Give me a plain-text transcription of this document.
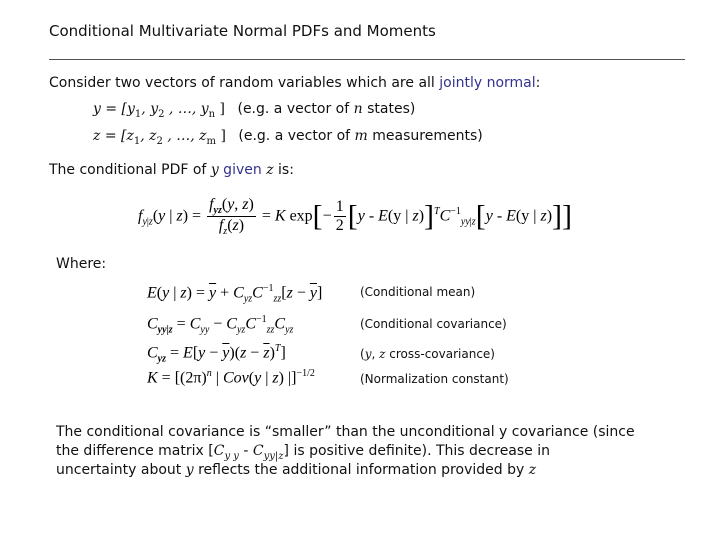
Conditional Multivariate Normal PDFs and Moments
Consider two vectors of random variables which are all jointly normal:
$y = [y_1$, $y_2$ , …, $y_n$ ] (e.g. a vector of n states)
$z = [z_1$, $z_2$ , …, $z_m$ ] (e.g. a vector of m measurements)
The conditional PDF of y given z is:
$f_{y|z}(y$ | $z) = \frac{f_{yz}(y, z)}{f_z(z)} = K$ $\exp[- \frac{1}{2} [y - E(y$ | $z)]^TC^{-1}_{yy|z}[y - E(y$ | z)]]
Where:
E(y | $z) = \overline{y} + C_{yz}C^{-1}_{zz}[z - \overline{y}]$	(Conditional mean)
$C_{yy|z} = C_{yy} - C_{yz}C^{-1}_{zz}C_{yz}$	(Conditional covariance)
$C_{yz} = E[y - \overline{y})(z - \overline{z})^T$]	(y, z cross-covariance)
$K = [(2\pi)^n$ | Cov(y | z) |]$^{-1/2}$	(Normalization constant)
The conditional covariance is “smaller” than the unconditional y covariance (since
the difference matrix $[C_{y y} - C_{yy|z}]$ is positive definite). This decrease in
uncertainty about y reflects the additional information provided by z
